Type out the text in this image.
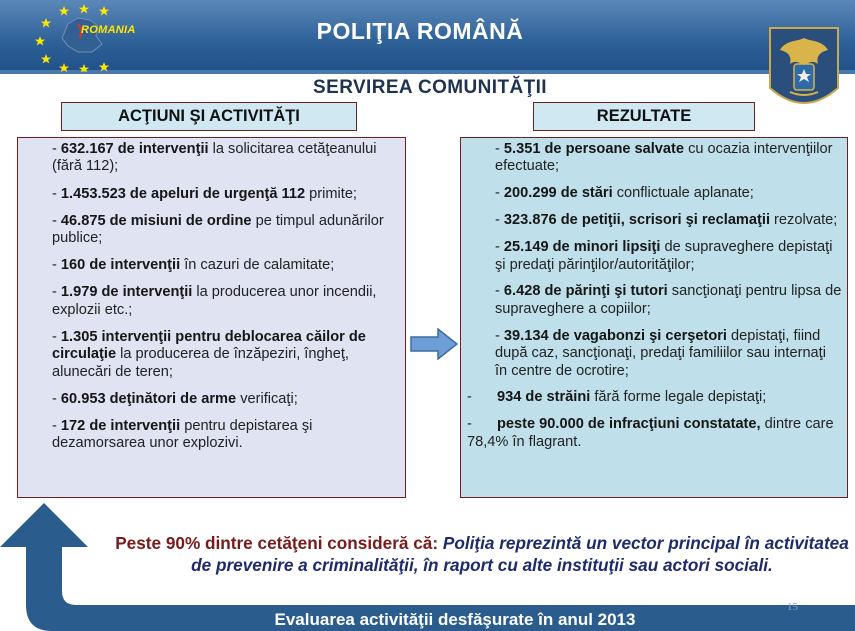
ROMANIA	POLIŢIA ROMÂNĂ
SERVIREA COMUNITĂŢII
ACŢIUNI ŞI ACTIVITĂŢI	REZULTATE
- 632.167 de intervenţii la solicitarea cetăţeanului (fără 112);
- 1.453.523 de apeluri de urgenţă 112 primite;
- 46.875 de misiuni de ordine pe timpul adunărilor publice;
- 160 de intervenţii în cazuri de calamitate;
- 1.979 de intervenţii la producerea unor incendii, explozii etc.;
- 1.305 intervenţii pentru deblocarea căilor de circulaţie la producerea de înzăpeziri, îngheţ, alunecări de teren;
- 60.953 deţinători de arme verificaţi;
- 172 de intervenţii pentru depistarea şi dezamorsarea unor explozivi.
- 5.351 de persoane salvate cu ocazia intervenţiilor efectuate;
- 200.299 de stări conflictuale aplanate;
- 323.876 de petiţii, scrisori şi reclamaţii rezolvate;
- 25.149 de minori lipsiţi de supraveghere depistaţi şi predaţi părinţilor/autorităţilor;
- 6.428 de părinţi şi tutori sancţionaţi pentru lipsa de supraveghere a copiilor;
- 39.134 de vagabonzi şi cerşetori depistaţi, fiind după caz, sancţionaţi, predaţi familiilor sau internaţi în centre de ocrotire;
- 934 de străini fără forme legale depistaţi;
- peste 90.000 de infracţiuni constatate, dintre care 78,4% în flagrant.
Peste 90% dintre cetăţeni consideră că: Poliţia reprezintă un vector principal în activitatea de prevenire a criminalităţii, în raport cu alte instituţii sau actori sociali.
Evaluarea activităţii desfăşurate în anul 2013
15
